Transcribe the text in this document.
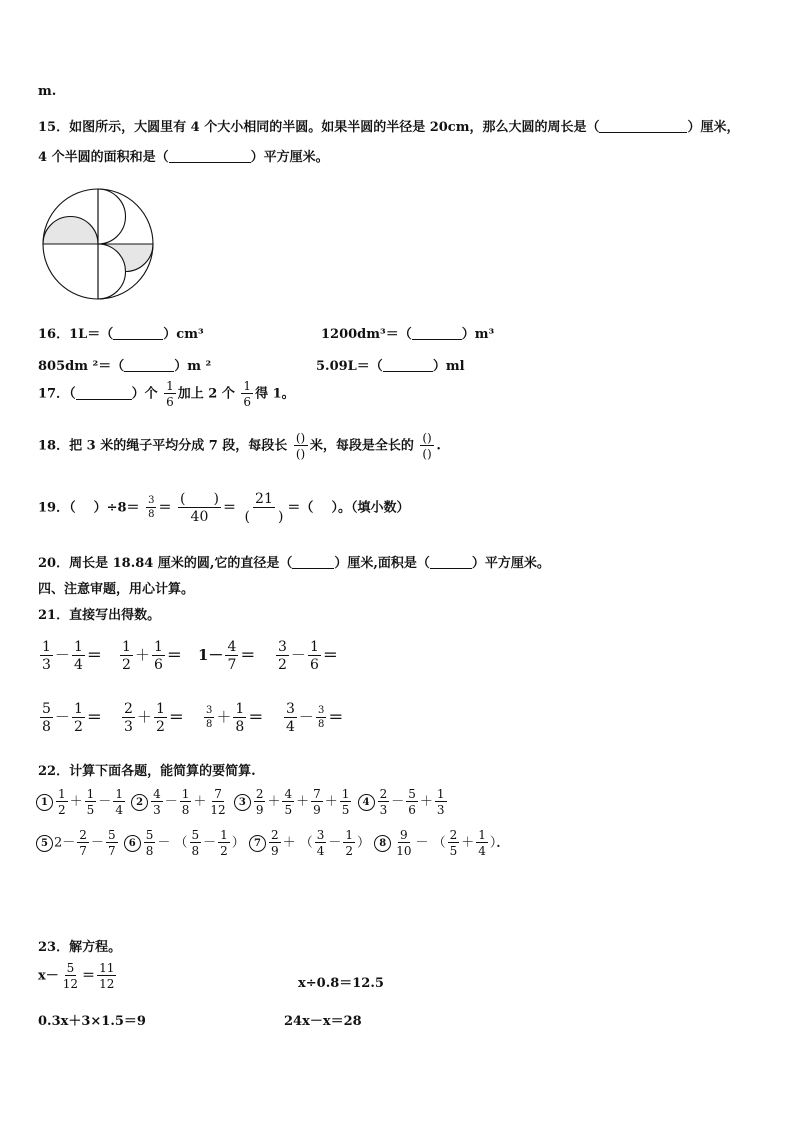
m.
15．如图所示，大圆里有 4 个大小相同的半圆。如果半圆的半径是 20cm，那么大圆的周长是（	）厘米，
4 个半圆的面积和是（	）平方厘米。
16．1L＝（	）cm³	1200dm³＝（	）m³
805dm ²＝（	）m ²	5.09L＝（	）ml
17．（	）个 $\frac{1}{6}$ 加上 2 个 $\frac{1}{6}$ 得 1。
18．把 3 米的绳子平均分成 7 段，每段长 $\frac{()}{()}$ 米，每段是全长的 $\frac{()}{()}$ .
19．（ ）$\div 8= \frac{3}{8} = \frac{( )}{40} = \frac{21}{( )}$ ＝（ ）。（填小数）
20．周长是 18.84 厘米的圆,它的直径是（	）厘米,面积是（	）平方厘米。
四、注意审题，用心计算。
21．直接写出得数。
$\frac{1}{3} - \frac{1}{4} = \frac{1}{2} + \frac{1}{6} = 1- \frac{4}{7} = \frac{3}{2} - \frac{1}{6}$ ＝
$\frac{5}{8} - \frac{1}{2} = \frac{2}{3} + \frac{1}{2} = \frac{3}{8} + \frac{1}{8} = \frac{3}{4} - \frac{3}{8}$ ＝
22．计算下面各题，能简算的要简算.
$1 \frac{1}{2} + \frac{1}{5} - \frac{1}{4} 2 \frac{4}{3} - \frac{1}{8} + \frac{7}{12} 3 \frac{2}{9} + \frac{4}{5} + \frac{7}{9} + \frac{1}{5} 4 \frac{2}{3} - \frac{5}{6} + \frac{1}{3}$
5 $2- \frac{2}{7} - \frac{5}{7} 6 \frac{5}{8}$ － （ $\frac{5}{8} - \frac{1}{2}$ ） $7 \frac{2}{9}$ ＋ （ $\frac{3}{4} - \frac{1}{2}$ ） $8 \frac{9}{10}$ － （ $\frac{2}{5} + \frac{1}{4}$ ）．
23．解方程。
$x- \frac{5}{12} = \frac{11}{12}$	x÷0.8＝12.5
0.3x＋3×1.5＝9	24x－x＝28
